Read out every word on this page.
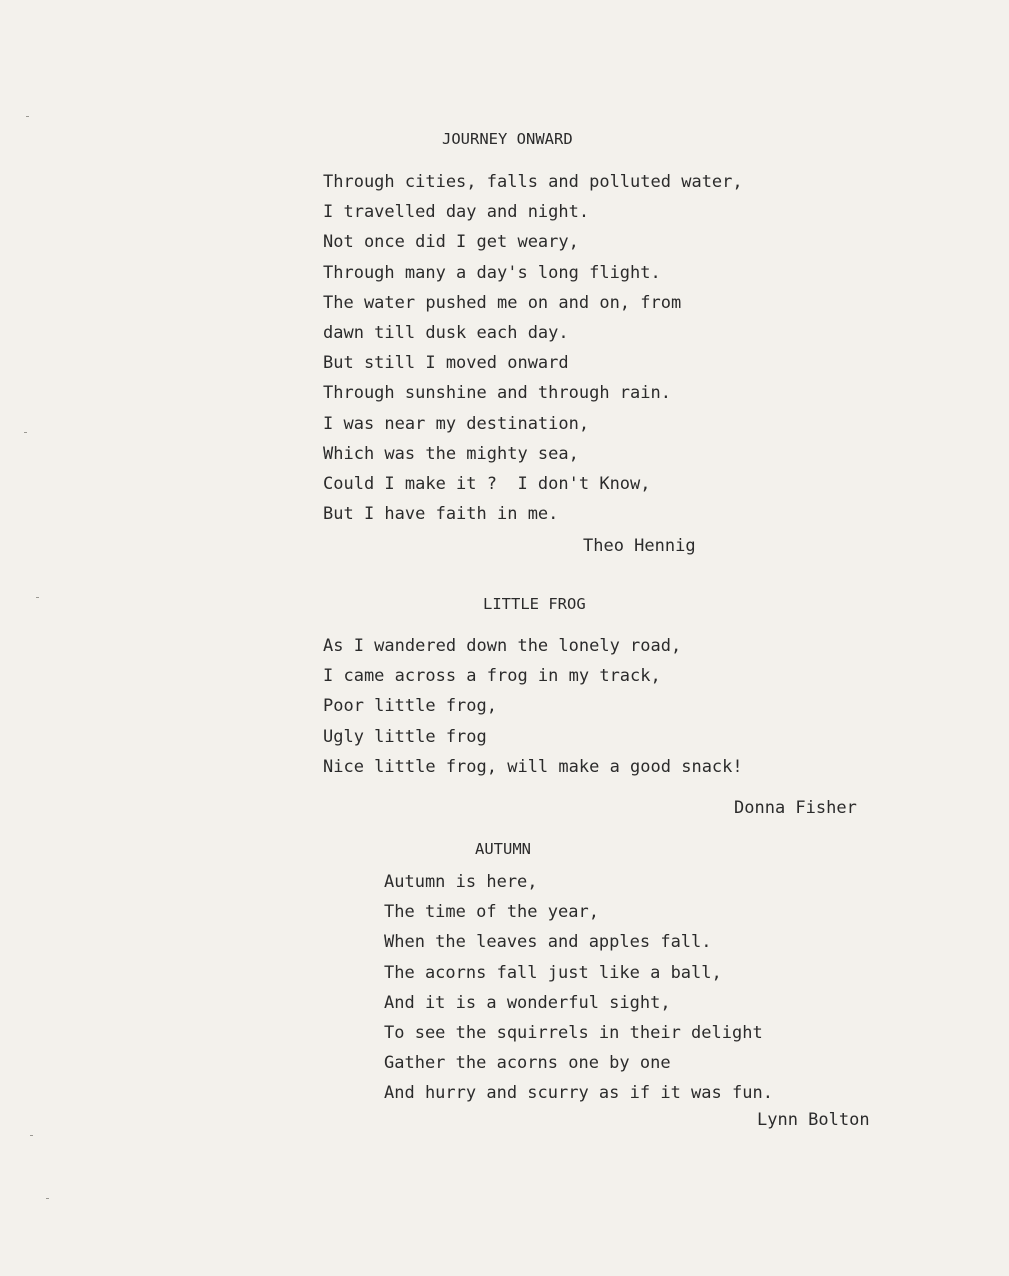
JOURNEY ONWARD
Through cities, falls and polluted water,
I travelled day and night.
Not once did I get weary,
Through many a day's long flight.
The water pushed me on and on, from
dawn till dusk each day.
But still I moved onward
Through sunshine and through rain.
I was near my destination,
Which was the mighty sea,
Could I make it ?  I don't Know,
But I have faith in me.
Theo Hennig
LITTLE FROG
As I wandered down the lonely road,
I came across a frog in my track,
Poor little frog,
Ugly little frog
Nice little frog, will make a good snack!
Donna Fisher
AUTUMN
Autumn is here,
The time of the year,
When the leaves and apples fall.
The acorns fall just like a ball,
And it is a wonderful sight,
To see the squirrels in their delight
Gather the acorns one by one
And hurry and scurry as if it was fun.
Lynn Bolton
